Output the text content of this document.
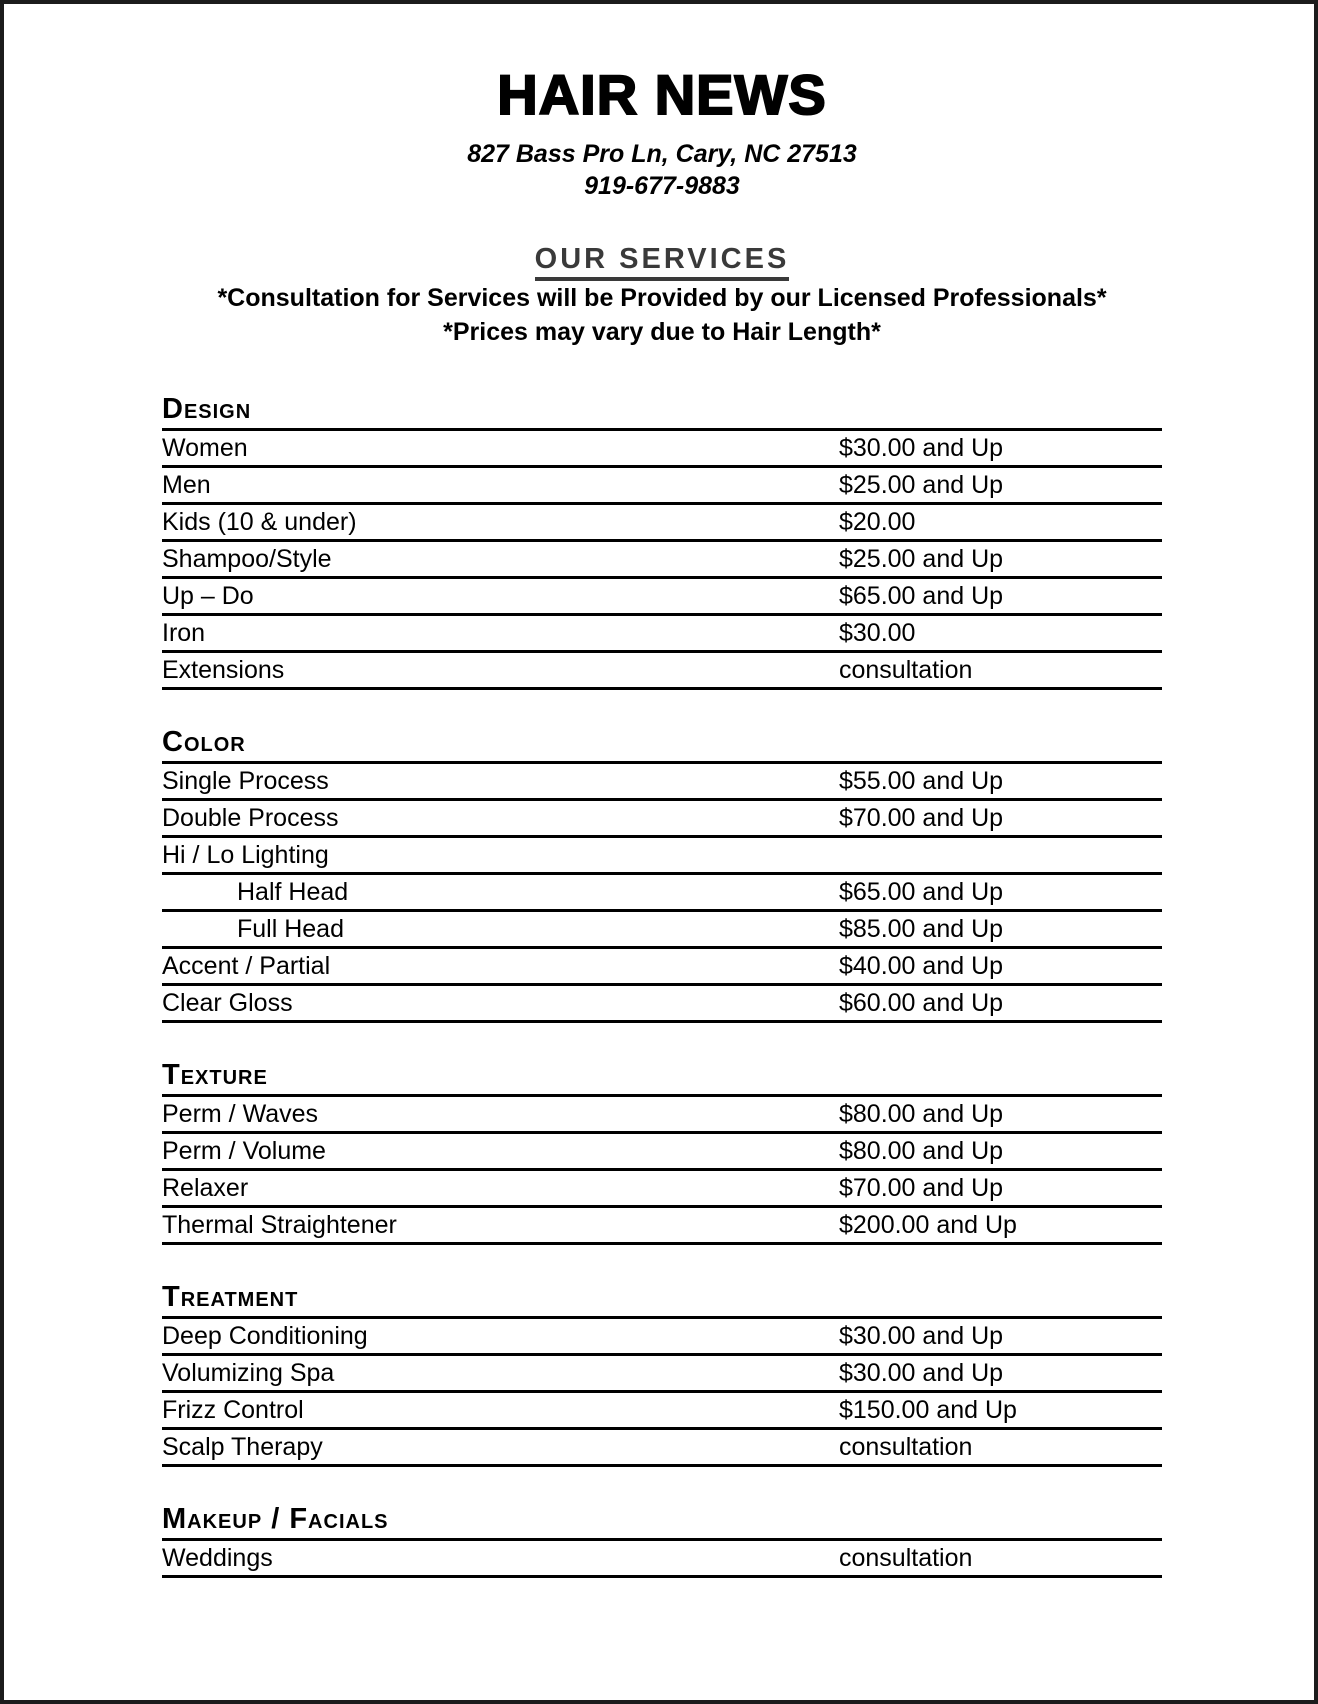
HAIR NEWS
827 Bass Pro Ln, Cary, NC 27513
919-677-9883
OUR SERVICES
*Consultation for Services will be Provided by our Licensed Professionals*
*Prices may vary due to Hair Length*
Design
Women	$30.00 and Up
Men	$25.00 and Up
Kids (10 & under)	$20.00
Shampoo/Style	$25.00 and Up
Up – Do	$65.00 and Up
Iron	$30.00
Extensions	consultation
Color
Single Process	$55.00 and Up
Double Process	$70.00 and Up
Hi / Lo Lighting
Half Head	$65.00 and Up
Full Head	$85.00 and Up
Accent / Partial	$40.00 and Up
Clear Gloss	$60.00 and Up
Texture
Perm / Waves	$80.00 and Up
Perm / Volume	$80.00 and Up
Relaxer	$70.00 and Up
Thermal Straightener	$200.00 and Up
Treatment
Deep Conditioning	$30.00 and Up
Volumizing Spa	$30.00 and Up
Frizz Control	$150.00 and Up
Scalp Therapy	consultation
Makeup / Facials
Weddings	consultation
